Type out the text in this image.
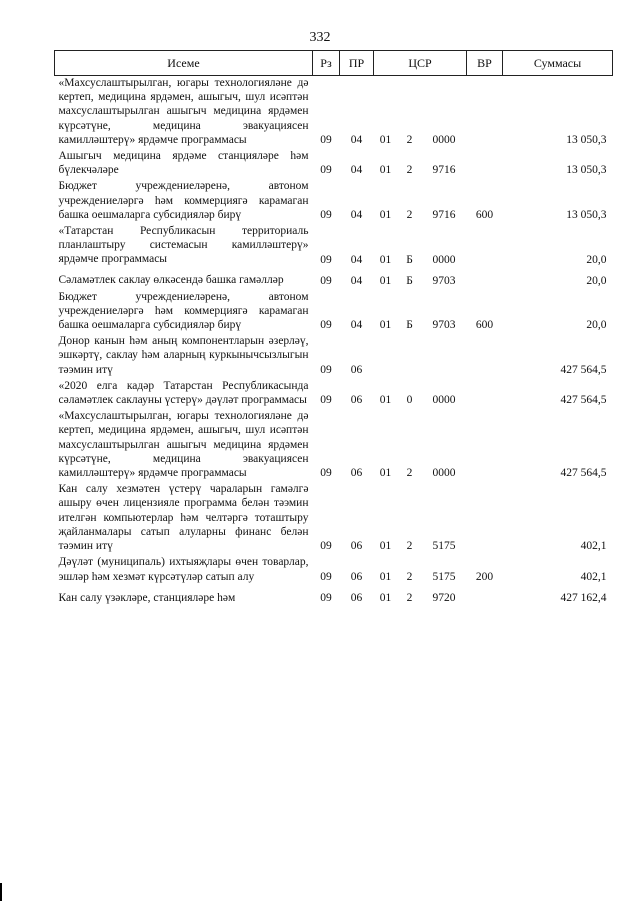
332
Исеме	Рз	ПР	ЦСР			ВР	Суммасы
«Махсуслаштырылган, югары технологияләне дә кертеп, медицина ярдәмен, ашыгыч, шул исәптән махсуслаштырылган ашыгыч медицина ярдәмен күрсәтүне, медицина эвакуациясен камилләштерү» ярдәмче программасы	09	04	01	2	0000		13 050,3
Ашыгыч медицина ярдәме станцияләре һәм бүлекчәләре	09	04	01	2	9716		13 050,3
Бюджет учреждениеләренә, автоном учреждениеләргә һәм коммерциягә карамаган башка оешмаларга субсидияләр бирү	09	04	01	2	9716	600	13 050,3
«Татарстан Республикасын территориаль планлаштыру системасын камилләштерү» ярдәмче программасы	09	04	01	Б	0000		20,0
Сәламәтлек саклау өлкәсендә башка гамәлләр	09	04	01	Б	9703		20,0
Бюджет учреждениеләренә, автоном учреждениеләргә һәм коммерциягә карамаган башка оешмаларга субсидияләр бирү	09	04	01	Б	9703	600	20,0
Донор канын һәм аның компонентларын әзерләү, эшкәртү, саклау һәм аларның куркынычсызлыгын тәэмин итү	09	06					427 564,5
«2020 елга кадәр Татарстан Республикасында сәламәтлек саклауны үстерү» дәүләт программасы	09	06	01	0	0000		427 564,5
«Махсуслаштырылган, югары технологияләне дә кертеп, медицина ярдәмен, ашыгыч, шул исәптән махсуслаштырылган ашыгыч медицина ярдәмен күрсәтүне, медицина эвакуациясен камилләштерү» ярдәмче программасы	09	06	01	2	0000		427 564,5
Кан салу хезмәтен үстерү чараларын гамәлгә ашыру өчен лицензияле программа белән тәэмин ителгән компьютерлар һәм челтәргә тоташтыру җайланмалары сатып алуларны финанс белән тәэмин итү	09	06	01	2	5175		402,1
Дәүләт (муниципаль) ихтыяҗлары өчен товарлар, эшләр һәм хезмәт күрсәтүләр сатып алу	09	06	01	2	5175	200	402,1
Кан салу үзәкләре, станцияләре һәм	09	06	01	2	9720		427 162,4
